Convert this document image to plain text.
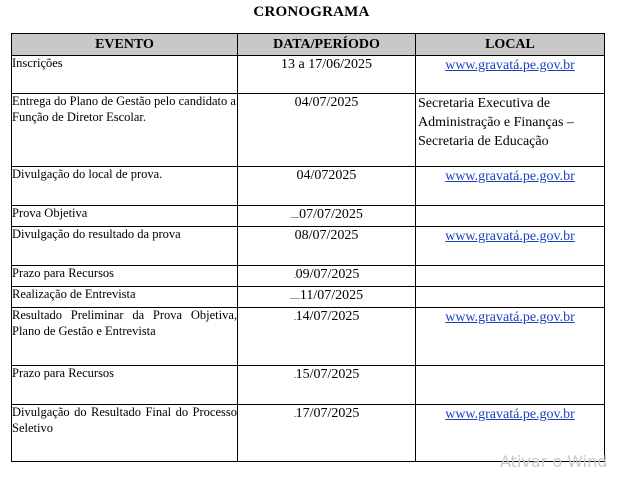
CRONOGRAMA
EVENTO	DATA/PERÍODO	LOCAL
Inscrições	13 a 17/06/2025	www.gravatá.pe.gov.br

Entrega do Plano de Gestão pelo candidato a Função de Diretor Escolar.	04/07/2025	Secretaria Executiva de Administração e Finanças – Secretaria de Educação

Divulgação do local de prova.	04/072025	www.gravatá.pe.gov.br

Prova Objetiva	.........07/07/2025	
Divulgação do resultado da prova	08/07/2025	www.gravatá.pe.gov.br

Prazo para Recursos	..09/07/2025	
Realização de Entrevista	..........11/07/2025	
Resultado Preliminar da Prova Objetiva, Plano de Gestão e Entrevista	..14/07/2025	www.gravatá.pe.gov.br

Prazo para Recursos	..15/07/2025	
Divulgação do Resultado Final do Processo Seletivo	..17/07/2025	www.gravatá.pe.gov.br
Ativar o Wind
